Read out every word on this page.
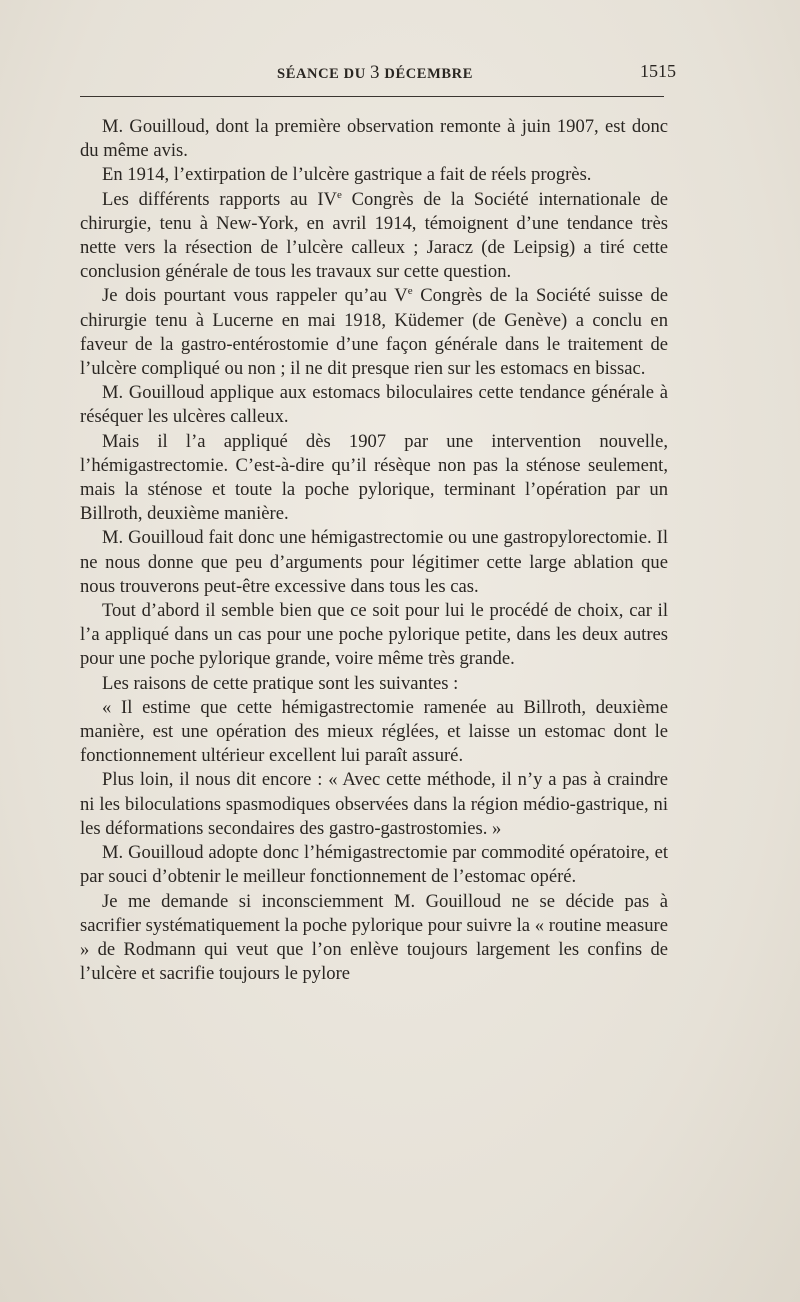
SÉANCE DU 3 DÉCEMBRE	1515

M. Gouilloud, dont la première observation remonte à juin 1907, est donc du même avis.

En 1914, l’extirpation de l’ulcère gastrique a fait de réels progrès.

Les différents rapports au IVe Congrès de la Société internationale de chirurgie, tenu à New-York, en avril 1914, témoignent d’une tendance très nette vers la résection de l’ulcère calleux ; Jaracz (de Leipsig) a tiré cette conclusion générale de tous les travaux sur cette question.

Je dois pourtant vous rappeler qu’au Ve Congrès de la Société suisse de chirurgie tenu à Lucerne en mai 1918, Küdemer (de Genève) a conclu en faveur de la gastro-entérostomie d’une façon générale dans le traitement de l’ulcère compliqué ou non ; il ne dit presque rien sur les estomacs en bissac.

M. Gouilloud applique aux estomacs biloculaires cette tendance générale à réséquer les ulcères calleux.

Mais il l’a appliqué dès 1907 par une intervention nouvelle, l’hémigastrectomie. C’est-à-dire qu’il résèque non pas la sténose seulement, mais la sténose et toute la poche pylorique, terminant l’opération par un Billroth, deuxième manière.

M. Gouilloud fait donc une hémigastrectomie ou une gastropylorectomie. Il ne nous donne que peu d’arguments pour légitimer cette large ablation que nous trouverons peut-être excessive dans tous les cas.

Tout d’abord il semble bien que ce soit pour lui le procédé de choix, car il l’a appliqué dans un cas pour une poche pylorique petite, dans les deux autres pour une poche pylorique grande, voire même très grande.

Les raisons de cette pratique sont les suivantes :

« Il estime que cette hémigastrectomie ramenée au Billroth, deuxième manière, est une opération des mieux réglées, et laisse un estomac dont le fonctionnement ultérieur excellent lui paraît assuré.

Plus loin, il nous dit encore : « Avec cette méthode, il n’y a pas à craindre ni les biloculations spasmodiques observées dans la région médio-gastrique, ni les déformations secondaires des gastro-gastrostomies. »

M. Gouilloud adopte donc l’hémigastrectomie par commodité opératoire, et par souci d’obtenir le meilleur fonctionnement de l’estomac opéré.

Je me demande si inconsciemment M. Gouilloud ne se décide pas à sacrifier systématiquement la poche pylorique pour suivre la « routine measure » de Rodmann qui veut que l’on enlève toujours largement les confins de l’ulcère et sacrifie toujours le pylore
